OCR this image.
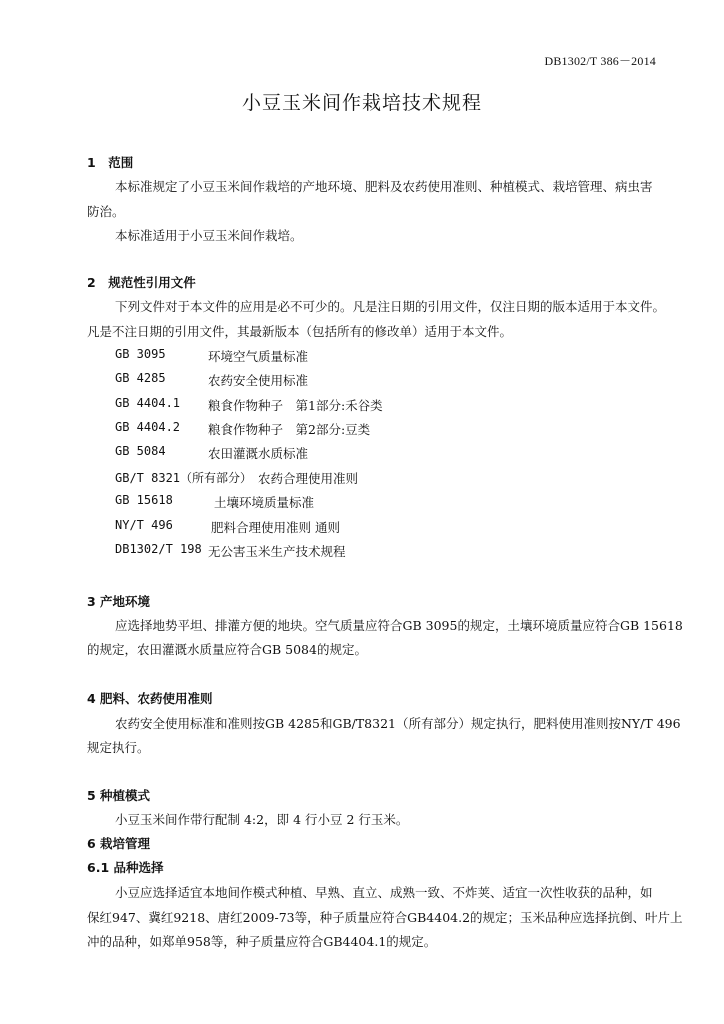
DB1302/T 386－2014
小豆玉米间作栽培技术规程
1　范围
本标准规定了小豆玉米间作栽培的产地环境、肥料及农药使用准则、种植模式、栽培管理、病虫害
防治。
本标准适用于小豆玉米间作栽培。
2　规范性引用文件
下列文件对于本文件的应用是必不可少的。凡是注日期的引用文件，仅注日期的版本适用于本文件。
凡是不注日期的引用文件，其最新版本（包括所有的修改单）适用于本文件。
GB 3095	环境空气质量标准
GB 4285	农药安全使用标准
GB 4404.1 粮食作物种子　第1部分:禾谷类
GB 4404.2 粮食作物种子　第2部分:豆类
GB 5084	农田灌溉水质标准
GB/T 8321（所有部分） 农药合理使用准则
GB 15618	土壤环境质量标准
NY/T 496	肥料合理使用准则 通则
DB1302/T 198 无公害玉米生产技术规程
3 产地环境
应选择地势平坦、排灌方便的地块。空气质量应符合GB 3095的规定，土壤环境质量应符合GB 15618
的规定，农田灌溉水质量应符合GB 5084的规定。
4 肥料、农药使用准则
农药安全使用标准和准则按GB 4285和GB/T8321（所有部分）规定执行，肥料使用准则按NY/T 496
规定执行。
5 种植模式
小豆玉米间作带行配制 4:2，即 4 行小豆 2 行玉米。
6 栽培管理
6.1 品种选择
小豆应选择适宜本地间作模式种植、早熟、直立、成熟一致、不炸荚、适宜一次性收获的品种，如
保红947、冀红9218、唐红2009-73等，种子质量应符合GB4404.2的规定；玉米品种应选择抗倒、叶片上
冲的品种，如郑单958等，种子质量应符合GB4404.1的规定。
